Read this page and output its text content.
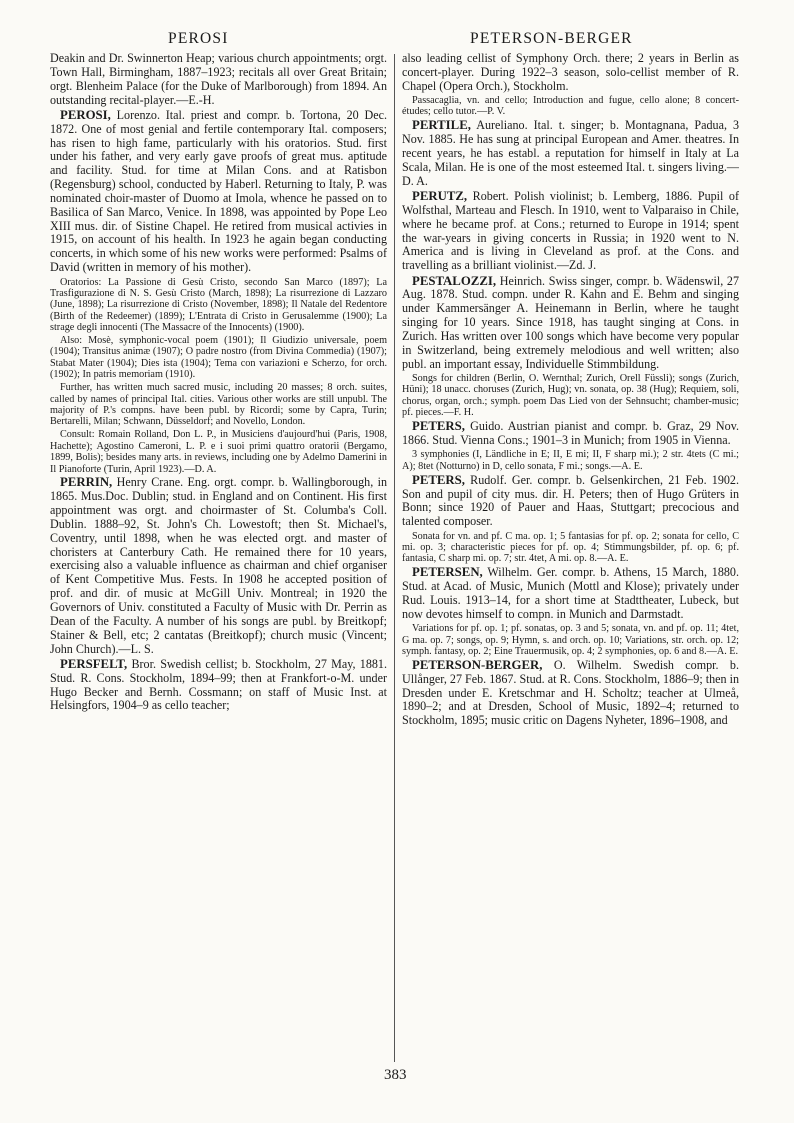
PEROSI	PETERSON-BERGER

Deakin and Dr. Swinnerton Heap; various church appointments; orgt. Town Hall, Birmingham, 1887–1923; recitals all over Great Britain; orgt. Blenheim Palace (for the Duke of Marlborough) from 1894. An outstanding recital-player.—E.-H.

PEROSI, Lorenzo. Ital. priest and compr. b. Tortona, 20 Dec. 1872. One of most genial and fertile contemporary Ital. composers; has risen to high fame, particularly with his oratorios. Stud. first under his father, and very early gave proofs of great mus. aptitude and facility. Stud. for time at Milan Cons. and at Ratisbon (Regensburg) school, conducted by Haberl. Returning to Italy, P. was nominated choir-master of Duomo at Imola, whence he passed on to Basilica of San Marco, Venice. In 1898, was appointed by Pope Leo XIII mus. dir. of Sistine Chapel. He retired from musical activies in 1915, on account of his health. In 1923 he again began conducting concerts, in which some of his new works were performed: Psalms of David (written in memory of his mother).

Oratorios: La Passione di Gesù Cristo, secondo San Marco (1897); La Trasfigurazione di N. S. Gesù Cristo (March, 1898); La risurrezione di Lazzaro (June, 1898); La risurrezione di Cristo (November, 1898); Il Natale del Redentore (Birth of the Redeemer) (1899); L'Entrata di Cristo in Gerusalemme (1900); La strage degli innocenti (The Massacre of the Innocents) (1900).

Also: Mosè, symphonic-vocal poem (1901); Il Giudizio universale, poem (1904); Transitus animæ (1907); O padre nostro (from Divina Commedia) (1907); Stabat Mater (1904); Dies ista (1904); Tema con variazioni e Scherzo, for orch. (1902); In patris memoriam (1910).

Further, has written much sacred music, including 20 masses; 8 orch. suites, called by names of principal Ital. cities. Various other works are still unpubl. The majority of P.'s compns. have been publ. by Ricordi; some by Capra, Turin; Bertarelli, Milan; Schwann, Düsseldorf; and Novello, London.

Consult: Romain Rolland, Don L. P., in Musiciens d'aujourd'hui (Paris, 1908, Hachette); Agostino Cameroni, L. P. e i suoi primi quattro oratorii (Bergamo, 1899, Bolis); besides many arts. in reviews, including one by Adelmo Damerini in Il Pianoforte (Turin, April 1923).—D. A.

PERRIN, Henry Crane. Eng. orgt. compr. b. Wallingborough, in 1865. Mus.Doc. Dublin; stud. in England and on Continent. His first appointment was orgt. and choirmaster of St. Columba's Coll. Dublin. 1888–92, St. John's Ch. Lowestoft; then St. Michael's, Coventry, until 1898, when he was elected orgt. and master of choristers at Canterbury Cath. He remained there for 10 years, exercising also a valuable influence as chairman and chief organiser of Kent Competitive Mus. Fests. In 1908 he accepted position of prof. and dir. of music at McGill Univ. Montreal; in 1920 the Governors of Univ. constituted a Faculty of Music with Dr. Perrin as Dean of the Faculty. A number of his songs are publ. by Breitkopf; Stainer & Bell, etc; 2 cantatas (Breitkopf); church music (Vincent; John Church).—L. S.

PERSFELT, Bror. Swedish cellist; b. Stockholm, 27 May, 1881. Stud. R. Cons. Stockholm, 1894–99; then at Frankfort-o-M. under Hugo Becker and Bernh. Cossmann; on staff of Music Inst. at Helsingfors, 1904–9 as cello teacher;

also leading cellist of Symphony Orch. there; 2 years in Berlin as concert-player. During 1922–3 season, solo-cellist member of R. Chapel (Opera Orch.), Stockholm.

Passacaglia, vn. and cello; Introduction and fugue, cello alone; 8 concert-études; cello tutor.—P. V.

PERTILE, Aureliano. Ital. t. singer; b. Montagnana, Padua, 3 Nov. 1885. He has sung at principal European and Amer. theatres. In recent years, he has establ. a reputation for himself in Italy at La Scala, Milan. He is one of the most esteemed Ital. t. singers living.—D. A.

PERUTZ, Robert. Polish violinist; b. Lemberg, 1886. Pupil of Wolfsthal, Marteau and Flesch. In 1910, went to Valparaiso in Chile, where he became prof. at Cons.; returned to Europe in 1914; spent the war-years in giving concerts in Russia; in 1920 went to N. America and is living in Cleveland as prof. at the Cons. and travelling as a brilliant violinist.—Zd. J.

PESTALOZZI, Heinrich. Swiss singer, compr. b. Wädenswil, 27 Aug. 1878. Stud. compn. under R. Kahn and E. Behm and singing under Kammersänger A. Heinemann in Berlin, where he taught singing for 10 years. Since 1918, has taught singing at Cons. in Zurich. Has written over 100 songs which have become very popular in Switzerland, being extremely melodious and well written; also publ. an important essay, Individuelle Stimmbildung.

Songs for children (Berlin, O. Wernthal; Zurich, Orell Füssli); songs (Zurich, Hüni); 18 unacc. choruses (Zurich, Hug); vn. sonata, op. 38 (Hug); Requiem, soli, chorus, organ, orch.; symph. poem Das Lied von der Sehnsucht; chamber-music; pf. pieces.—F. H.

PETERS, Guido. Austrian pianist and compr. b. Graz, 29 Nov. 1866. Stud. Vienna Cons.; 1901–3 in Munich; from 1905 in Vienna.

3 symphonies (I, Ländliche in E; II, E mi; II, F sharp mi.); 2 str. 4tets (C mi.; A); 8tet (Notturno) in D, cello sonata, F mi.; songs.—A. E.

PETERS, Rudolf. Ger. compr. b. Gelsenkirchen, 21 Feb. 1902. Son and pupil of city mus. dir. H. Peters; then of Hugo Grüters in Bonn; since 1920 of Pauer and Haas, Stuttgart; precocious and talented composer.

Sonata for vn. and pf. C ma. op. 1; 5 fantasias for pf. op. 2; sonata for cello, C mi. op. 3; characteristic pieces for pf. op. 4; Stimmungsbilder, pf. op. 6; pf. fantasia, C sharp mi. op. 7; str. 4tet, A mi. op. 8.—A. E.

PETERSEN, Wilhelm. Ger. compr. b. Athens, 15 March, 1880. Stud. at Acad. of Music, Munich (Mottl and Klose); privately under Rud. Louis. 1913–14, for a short time at Stadttheater, Lubeck, but now devotes himself to compn. in Munich and Darmstadt.

Variations for pf. op. 1; pf. sonatas, op. 3 and 5; sonata, vn. and pf. op. 11; 4tet, G ma. op. 7; songs, op. 9; Hymn, s. and orch. op. 10; Variations, str. orch. op. 12; symph. fantasy, op. 2; Eine Trauermusik, op. 4; 2 symphonies, op. 6 and 8.—A. E.

PETERSON-BERGER, O. Wilhelm. Swedish compr. b. Ullånger, 27 Feb. 1867. Stud. at R. Cons. Stockholm, 1886–9; then in Dresden under E. Kretschmar and H. Scholtz; teacher at Ulmeå, 1890–2; and at Dresden, School of Music, 1892–4; returned to Stockholm, 1895; music critic on Dagens Nyheter, 1896–1908, and

383
